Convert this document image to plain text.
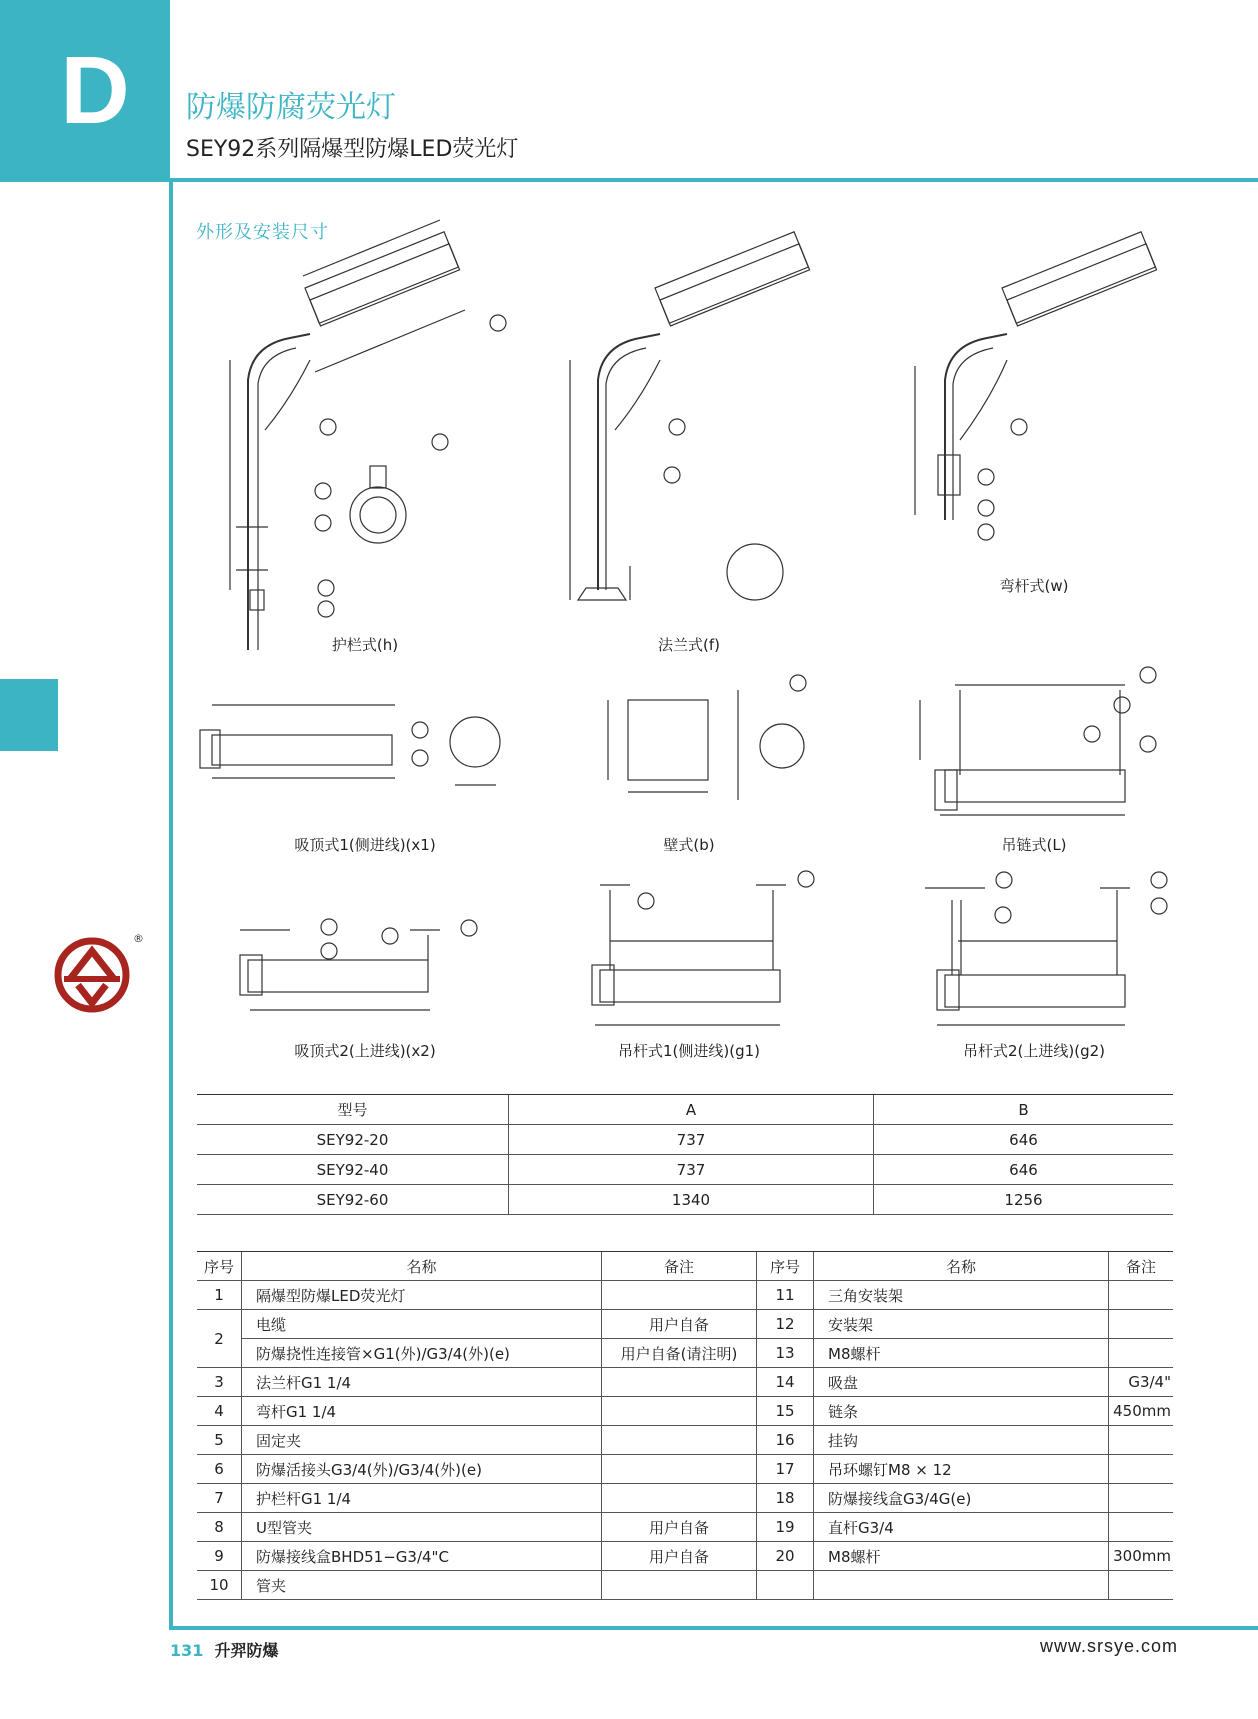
D	防爆防腐荧光灯
SEY92系列隔爆型防爆LED荧光灯
®
外形及安装尺寸
护栏式(h)	法兰式(f)
弯杆式(w)
吸顶式1(侧进线)(x1)	壁式(b)	吊链式(L)
吸顶式2(上进线)(x2)	吊杆式1(侧进线)(g1)	吊杆式2(上进线)(g2)
型号	A	B
SEY92-20	737	646
SEY92-40	737	646
SEY92-60	1340	1256
序号	名称	备注	序号	名称	备注
1	隔爆型防爆LED荧光灯		11	三角安装架	
2	电缆	用户自备	12	安装架	
	防爆挠性连接管×G1(外)/G3/4(外)(e)	用户自备(请注明)	13	M8螺杆	
3	法兰杆G1 1/4		14	吸盘	G3/4"
4	弯杆G1 1/4		15	链条	450mm
5	固定夹		16	挂钩	
6	防爆活接头G3/4(外)/G3/4(外)(e)		17	吊环螺钉M8 × 12	
7	护栏杆G1 1/4		18	防爆接线盒G3/4G(e)	
8	U型管夹	用户自备	19	直杆G3/4	
9	防爆接线盒BHD51−G3/4"C	用户自备	20	M8螺杆	300mm
10	管夹				
131 升羿防爆	www.srsye.com
